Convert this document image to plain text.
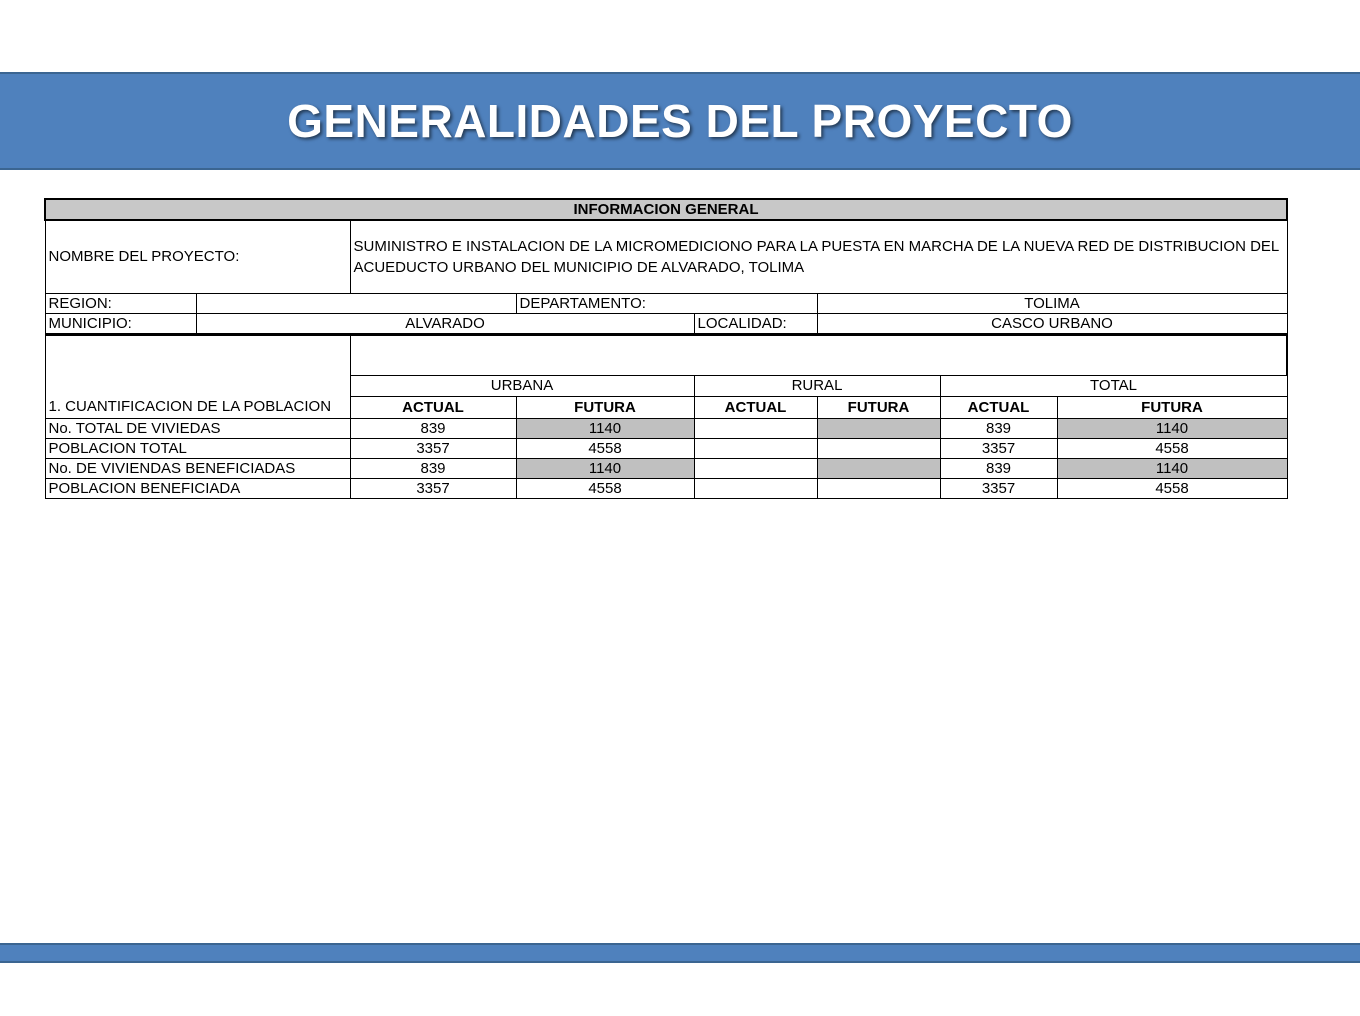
GENERALIDADES DEL PROYECTO
INFORMACION GENERAL							
NOMBRE DEL PROYECTO:		SUMINISTRO E INSTALACION DE LA MICROMEDICIONO PARA LA PUESTA EN MARCHA DE LA NUEVA RED DE DISTRIBUCION DEL ACUEDUCTO URBANO DEL MUNICIPIO DE ALVARADO, TOLIMA					
REGION:			DEPARTAMENTO:		TOLIMA		
MUNICIPIO:	ALVARADO			LOCALIDAD:	CASCO URBANO		
1. CUANTIFICACION DE LA POBLACION							
		URBANA		RURAL		TOTAL	
		ACTUAL	FUTURA	ACTUAL	FUTURA	ACTUAL	FUTURA
No. TOTAL DE VIVIEDAS		839	1140			839	1140
POBLACION TOTAL		3357	4558			3357	4558
No. DE VIVIENDAS BENEFICIADAS		839	1140			839	1140
POBLACION BENEFICIADA		3357	4558			3357	4558
